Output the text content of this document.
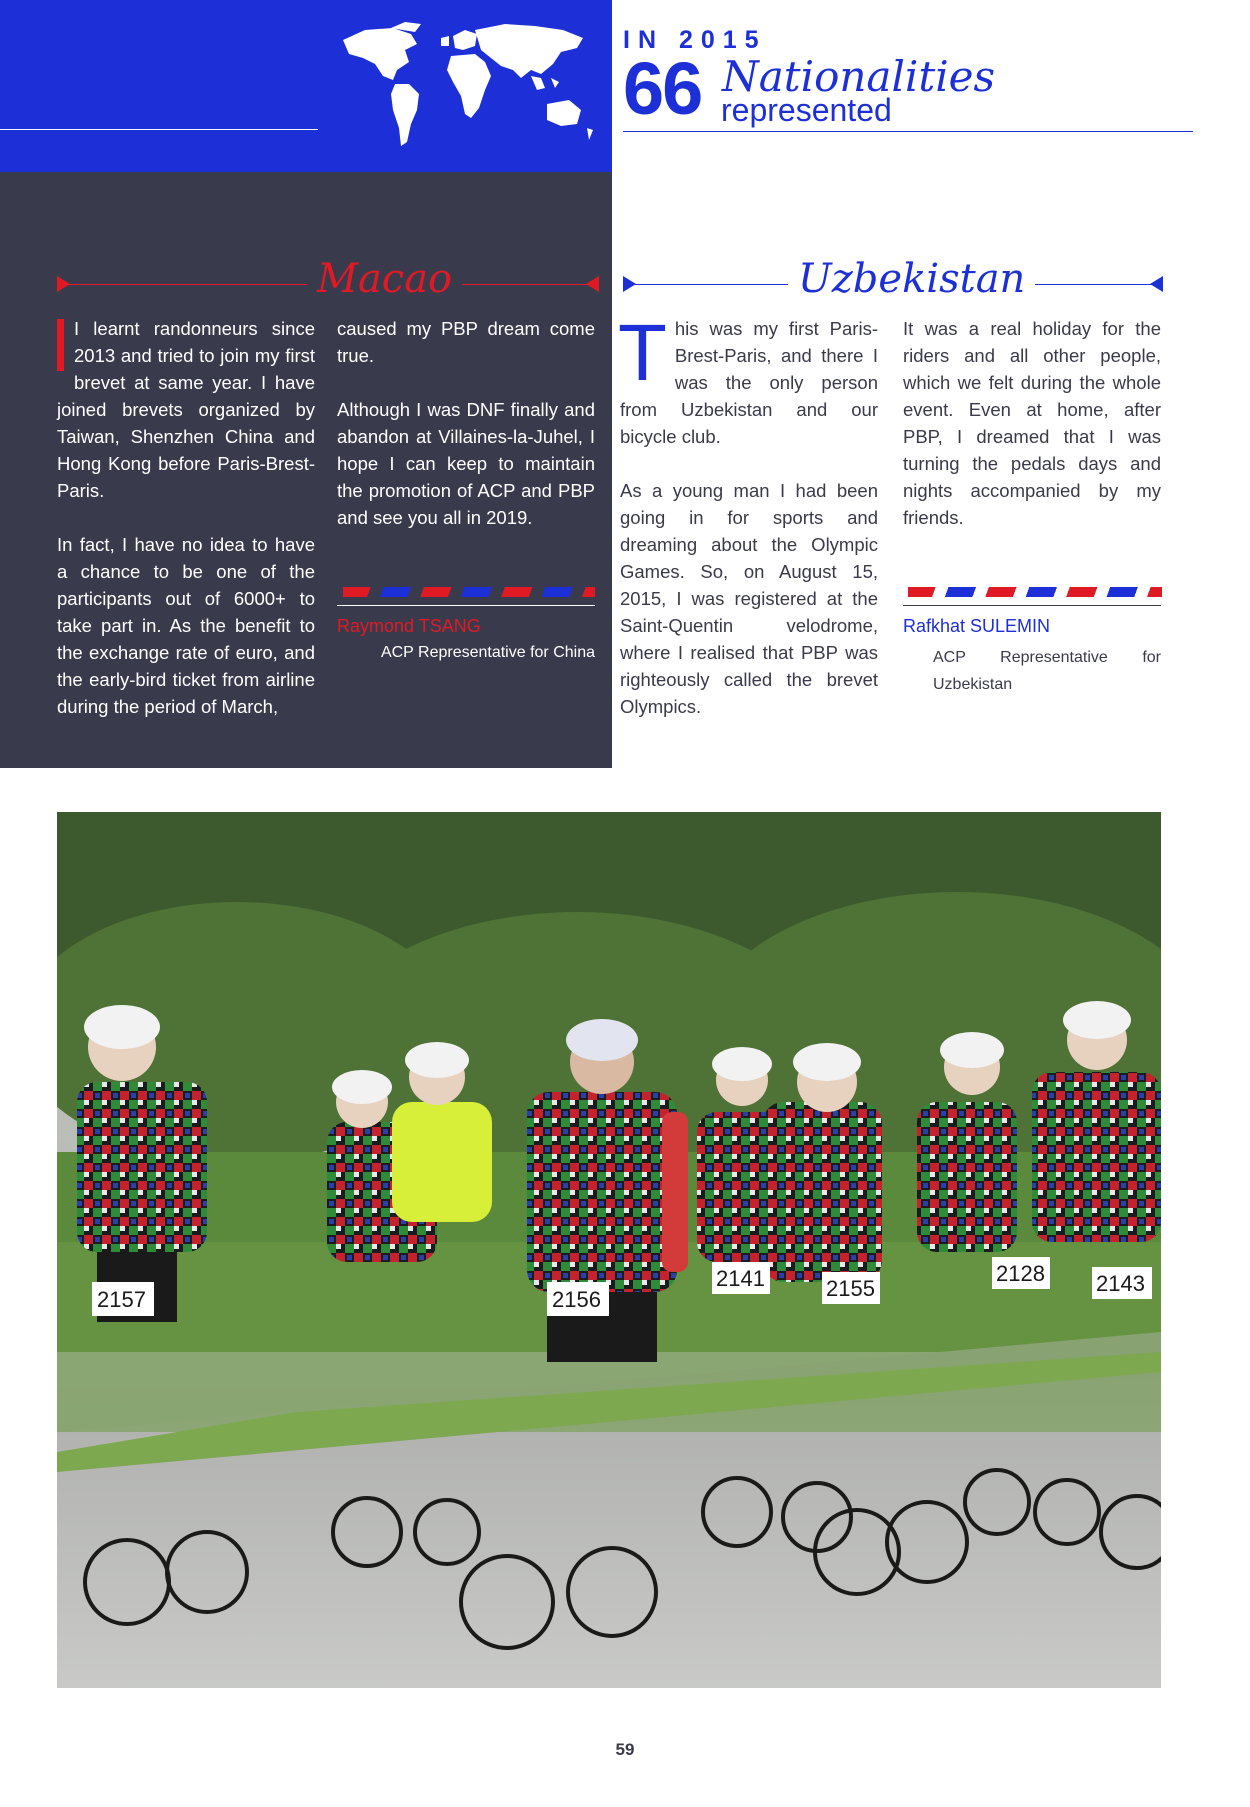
IN 2015
66 Nationalities
represented
Macao

I learnt randonneurs since 2013 and tried to join my first brevet at same year. I have joined brevets organized by Taiwan, Shenzhen China and Hong Kong before Paris-Brest-Paris.

In fact, I have no idea to have a chance to be one of the participants out of 6000+ to take part in. As the benefit to the exchange rate of euro, and the early-bird ticket from airline during the period of March,

caused my PBP dream come true.

Although I was DNF finally and abandon at Villaines-la-Juhel, I hope I can keep to maintain the promotion of ACP and PBP and see you all in 2019.

Raymond TSANG
ACP Representative for China
Uzbekistan

This was my first Paris-Brest-Paris, and there I was the only person from Uzbekistan and our bicycle club.

As a young man I had been going in for sports and dreaming about the Olympic Games. So, on August 15, 2015, I was registered at the Saint-Quentin velodrome, where I realised that PBP was righteously called the brevet Olympics.

It was a real holiday for the riders and all other people, which we felt during the whole event. Even at home, after PBP, I dreamed that I was turning the pedals days and nights accompanied by my friends.

Rafkhat SULEMIN
ACP Representative for Uzbekistan
2157	2156
2141	2155
2128 2143
59
